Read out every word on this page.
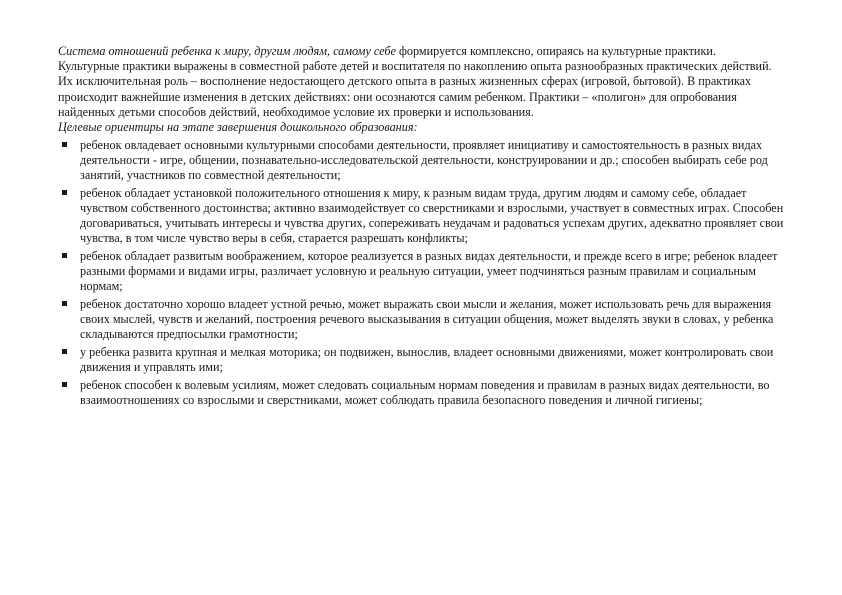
Система отношений ребенка к миру, другим людям, самому себе формируется комплексно, опираясь на культурные практики.

Культурные практики выражены в совместной работе детей и воспитателя по накоплению опыта разнообразных практических действий. Их исключительная роль – восполнение недостающего детского опыта в разных жизненных сферах (игровой, бытовой). В практиках происходит важнейшие изменения в детских действиях: они осознаются самим ребенком. Практики – «полигон» для опробования найденных детьми способов действий, необходимое условие их проверки и использования.

Целевые ориентиры на этапе завершения дошкольного образования:

ребенок овладевает основными культурными способами деятельности, проявляет инициативу и самостоятельность в разных видах деятельности - игре, общении, познавательно-исследовательской деятельности, конструировании и др.; способен выбирать себе род занятий, участников по совместной деятельности;
ребенок обладает установкой положительного отношения к миру, к разным видам труда, другим людям и самому себе, обладает чувством собственного достоинства; активно взаимодействует со сверстниками и взрослыми, участвует в совместных играх. Способен договариваться, учитывать интересы и чувства других, сопереживать неудачам и радоваться успехам других, адекватно проявляет свои чувства, в том числе чувство веры в себя, старается разрешать конфликты;
ребенок обладает развитым воображением, которое реализуется в разных видах деятельности, и прежде всего в игре; ребенок владеет разными формами и видами игры, различает условную и реальную ситуации, умеет подчиняться разным правилам и социальным нормам;
ребенок достаточно хорошо владеет устной речью, может выражать свои мысли и желания, может использовать речь для выражения своих мыслей, чувств и желаний, построения речевого высказывания в ситуации общения, может выделять звуки в словах, у ребенка складываются предпосылки грамотности;
у ребенка развита крупная и мелкая моторика; он подвижен, вынослив, владеет основными движениями, может контролировать свои движения и управлять ими;
ребенок способен к волевым усилиям, может следовать социальным нормам поведения и правилам в разных видах деятельности, во взаимоотношениях со взрослыми и сверстниками, может соблюдать правила безопасного поведения и личной гигиены;
